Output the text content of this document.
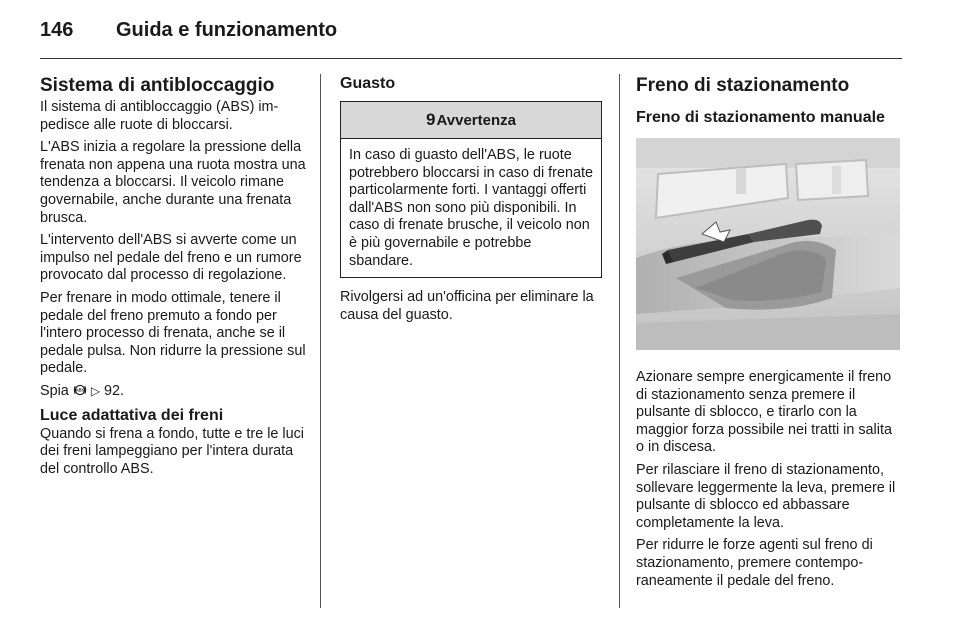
146 Guida e funzionamento
Sistema di antibloccaggio

Il sistema di antibloccaggio (ABS) impedisce alle ruote di bloccarsi.

L'ABS inizia a regolare la pressione della frenata non appena una ruota mostra una tendenza a bloccarsi. Il veicolo rimane governabile, anche durante una frenata brusca.

L'intervento dell'ABS si avverte come un impulso nel pedale del freno e un rumore provocato dal processo di regolazione.

Per frenare in modo ottimale, tenere il pedale del freno premuto a fondo per l'intero processo di frenata, anche se il pedale pulsa. Non ridurre la pressione sul pedale.

Spia ABS ▷ 92.

Luce adattativa dei freni

Quando si frena a fondo, tutte e tre le luci dei freni lampeggiano per l'intera durata del controllo ABS.

Guasto
9Avvertenza

In caso di guasto dell'ABS, le ruote potrebbero bloccarsi in caso di frenate particolarmente forti. I vantaggi offerti dall'ABS non sono più disponibili. In caso di frenate brusche, il veicolo non è più governabile e potrebbe sbandare.

Rivolgersi ad un'officina per eliminare la causa del guasto.

Freno di stazionamento
Freno di stazionamento manuale

Azionare sempre energicamente il freno di stazionamento senza premere il pulsante di sblocco, e tirarlo con la maggior forza possibile nei tratti in salita o in discesa.

Per rilasciare il freno di stazionamento, sollevare leggermente la leva, premere il pulsante di sblocco ed abbassare completamente la leva.

Per ridurre le forze agenti sul freno di stazionamento, premere contemporaneamente il pedale del freno.
